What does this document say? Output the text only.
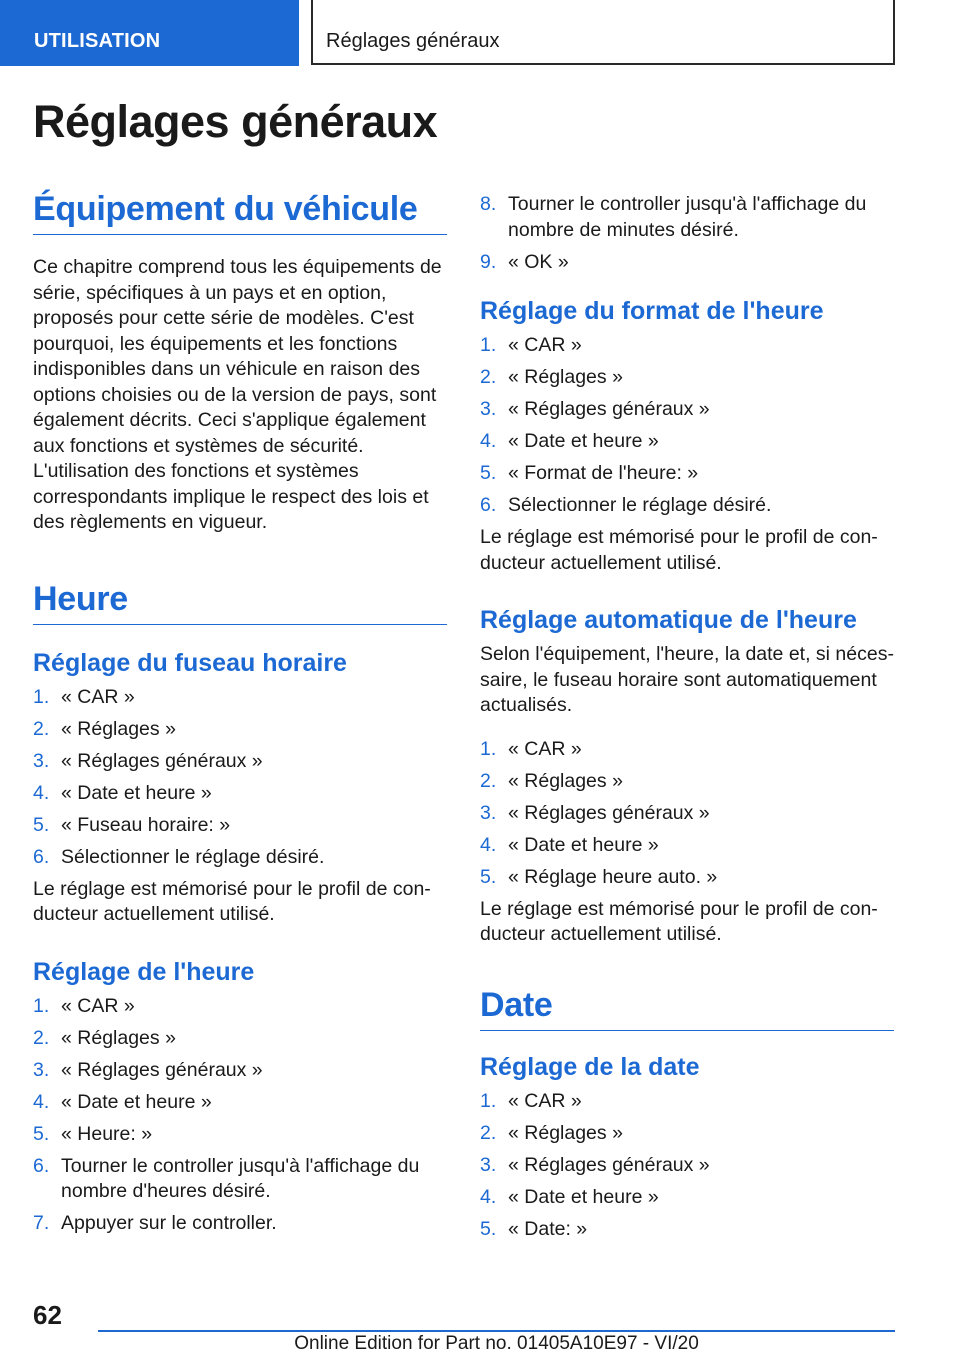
UTILISATION	Réglages généraux
Réglages généraux
Équipement du véhicule

Ce chapitre comprend tous les équipements de série, spécifiques à un pays et en option, proposés pour cette série de modèles. C'est pourquoi, les équipements et les fonctions indisponibles dans un véhicule en raison des options choisies ou de la version de pays, sont également décrits. Ceci s'applique également aux fonctions et systèmes de sécurité. L'utilisation des fonctions et systèmes correspondants implique le respect des lois et des règlements en vigueur.

Heure
Réglage du fuseau horaire
1. « CAR »
2. « Réglages »
3. « Réglages généraux »
4. « Date et heure »
5. « Fuseau horaire: »
6. Sélectionner le réglage désiré.

Le réglage est mémorisé pour le profil de conducteur actuellement utilisé.

Réglage de l'heure
1. « CAR »
2. « Réglages »
3. « Réglages généraux »
4. « Date et heure »
5. « Heure: »
6. Tourner le controller jusqu'à l'affichage du nombre d'heures désiré.
7. Appuyer sur le controller.
8. Tourner le controller jusqu'à l'affichage du nombre de minutes désiré.
9. « OK »
Réglage du format de l'heure
1. « CAR »
2. « Réglages »
3. « Réglages généraux »
4. « Date et heure »
5. « Format de l'heure: »
6. Sélectionner le réglage désiré.

Le réglage est mémorisé pour le profil de conducteur actuellement utilisé.

Réglage automatique de l'heure

Selon l'équipement, l'heure, la date et, si nécessaire, le fuseau horaire sont automatiquement actualisés.

1. « CAR »
2. « Réglages »
3. « Réglages généraux »
4. « Date et heure »
5. « Réglage heure auto. »

Le réglage est mémorisé pour le profil de conducteur actuellement utilisé.

Date
Réglage de la date
1. « CAR »
2. « Réglages »
3. « Réglages généraux »
4. « Date et heure »
5. « Date: »
62
Online Edition for Part no. 01405A10E97 - VI/20
